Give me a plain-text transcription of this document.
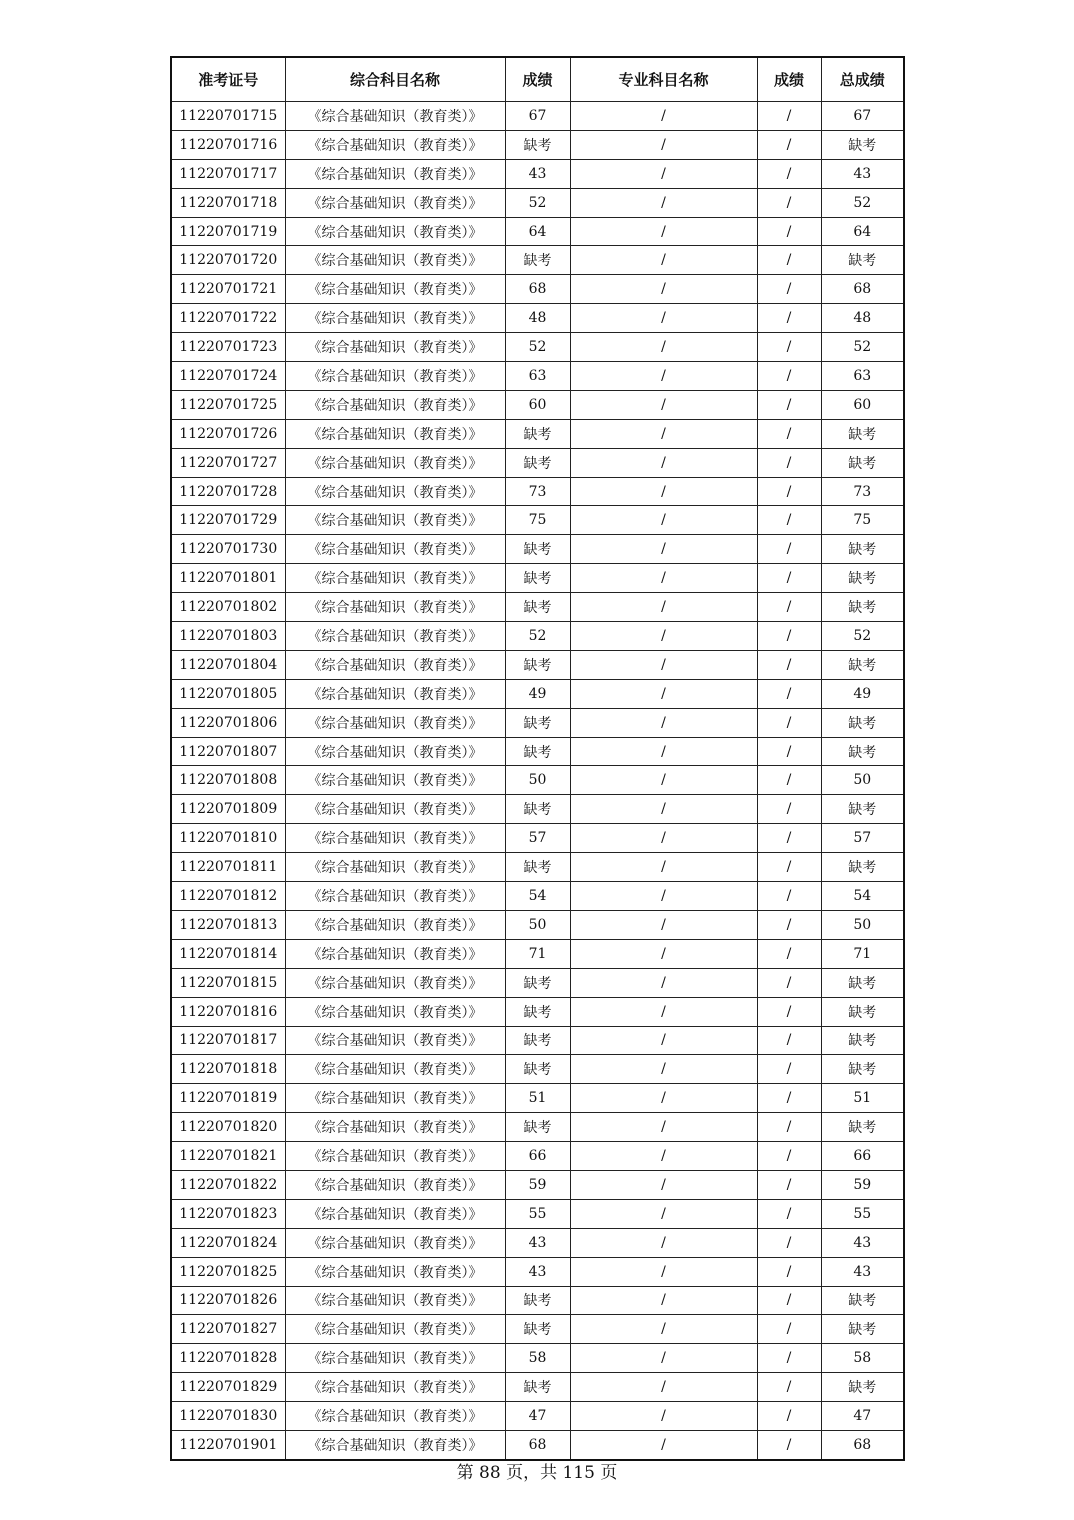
准考证号	综合科目名称	成绩	专业科目名称	成绩	总成绩
11220701715	《综合基础知识（教育类）》	67	/	/	67
11220701716	《综合基础知识（教育类）》	缺考	/	/	缺考
11220701717	《综合基础知识（教育类）》	43	/	/	43
11220701718	《综合基础知识（教育类）》	52	/	/	52
11220701719	《综合基础知识（教育类）》	64	/	/	64
11220701720	《综合基础知识（教育类）》	缺考	/	/	缺考
11220701721	《综合基础知识（教育类）》	68	/	/	68
11220701722	《综合基础知识（教育类）》	48	/	/	48
11220701723	《综合基础知识（教育类）》	52	/	/	52
11220701724	《综合基础知识（教育类）》	63	/	/	63
11220701725	《综合基础知识（教育类）》	60	/	/	60
11220701726	《综合基础知识（教育类）》	缺考	/	/	缺考
11220701727	《综合基础知识（教育类）》	缺考	/	/	缺考
11220701728	《综合基础知识（教育类）》	73	/	/	73
11220701729	《综合基础知识（教育类）》	75	/	/	75
11220701730	《综合基础知识（教育类）》	缺考	/	/	缺考
11220701801	《综合基础知识（教育类）》	缺考	/	/	缺考
11220701802	《综合基础知识（教育类）》	缺考	/	/	缺考
11220701803	《综合基础知识（教育类）》	52	/	/	52
11220701804	《综合基础知识（教育类）》	缺考	/	/	缺考
11220701805	《综合基础知识（教育类）》	49	/	/	49
11220701806	《综合基础知识（教育类）》	缺考	/	/	缺考
11220701807	《综合基础知识（教育类）》	缺考	/	/	缺考
11220701808	《综合基础知识（教育类）》	50	/	/	50
11220701809	《综合基础知识（教育类）》	缺考	/	/	缺考
11220701810	《综合基础知识（教育类）》	57	/	/	57
11220701811	《综合基础知识（教育类）》	缺考	/	/	缺考
11220701812	《综合基础知识（教育类）》	54	/	/	54
11220701813	《综合基础知识（教育类）》	50	/	/	50
11220701814	《综合基础知识（教育类）》	71	/	/	71
11220701815	《综合基础知识（教育类）》	缺考	/	/	缺考
11220701816	《综合基础知识（教育类）》	缺考	/	/	缺考
11220701817	《综合基础知识（教育类）》	缺考	/	/	缺考
11220701818	《综合基础知识（教育类）》	缺考	/	/	缺考
11220701819	《综合基础知识（教育类）》	51	/	/	51
11220701820	《综合基础知识（教育类）》	缺考	/	/	缺考
11220701821	《综合基础知识（教育类）》	66	/	/	66
11220701822	《综合基础知识（教育类）》	59	/	/	59
11220701823	《综合基础知识（教育类）》	55	/	/	55
11220701824	《综合基础知识（教育类）》	43	/	/	43
11220701825	《综合基础知识（教育类）》	43	/	/	43
11220701826	《综合基础知识（教育类）》	缺考	/	/	缺考
11220701827	《综合基础知识（教育类）》	缺考	/	/	缺考
11220701828	《综合基础知识（教育类）》	58	/	/	58
11220701829	《综合基础知识（教育类）》	缺考	/	/	缺考
11220701830	《综合基础知识（教育类）》	47	/	/	47
11220701901	《综合基础知识（教育类）》	68	/	/	68
第 88 页，共 115 页
